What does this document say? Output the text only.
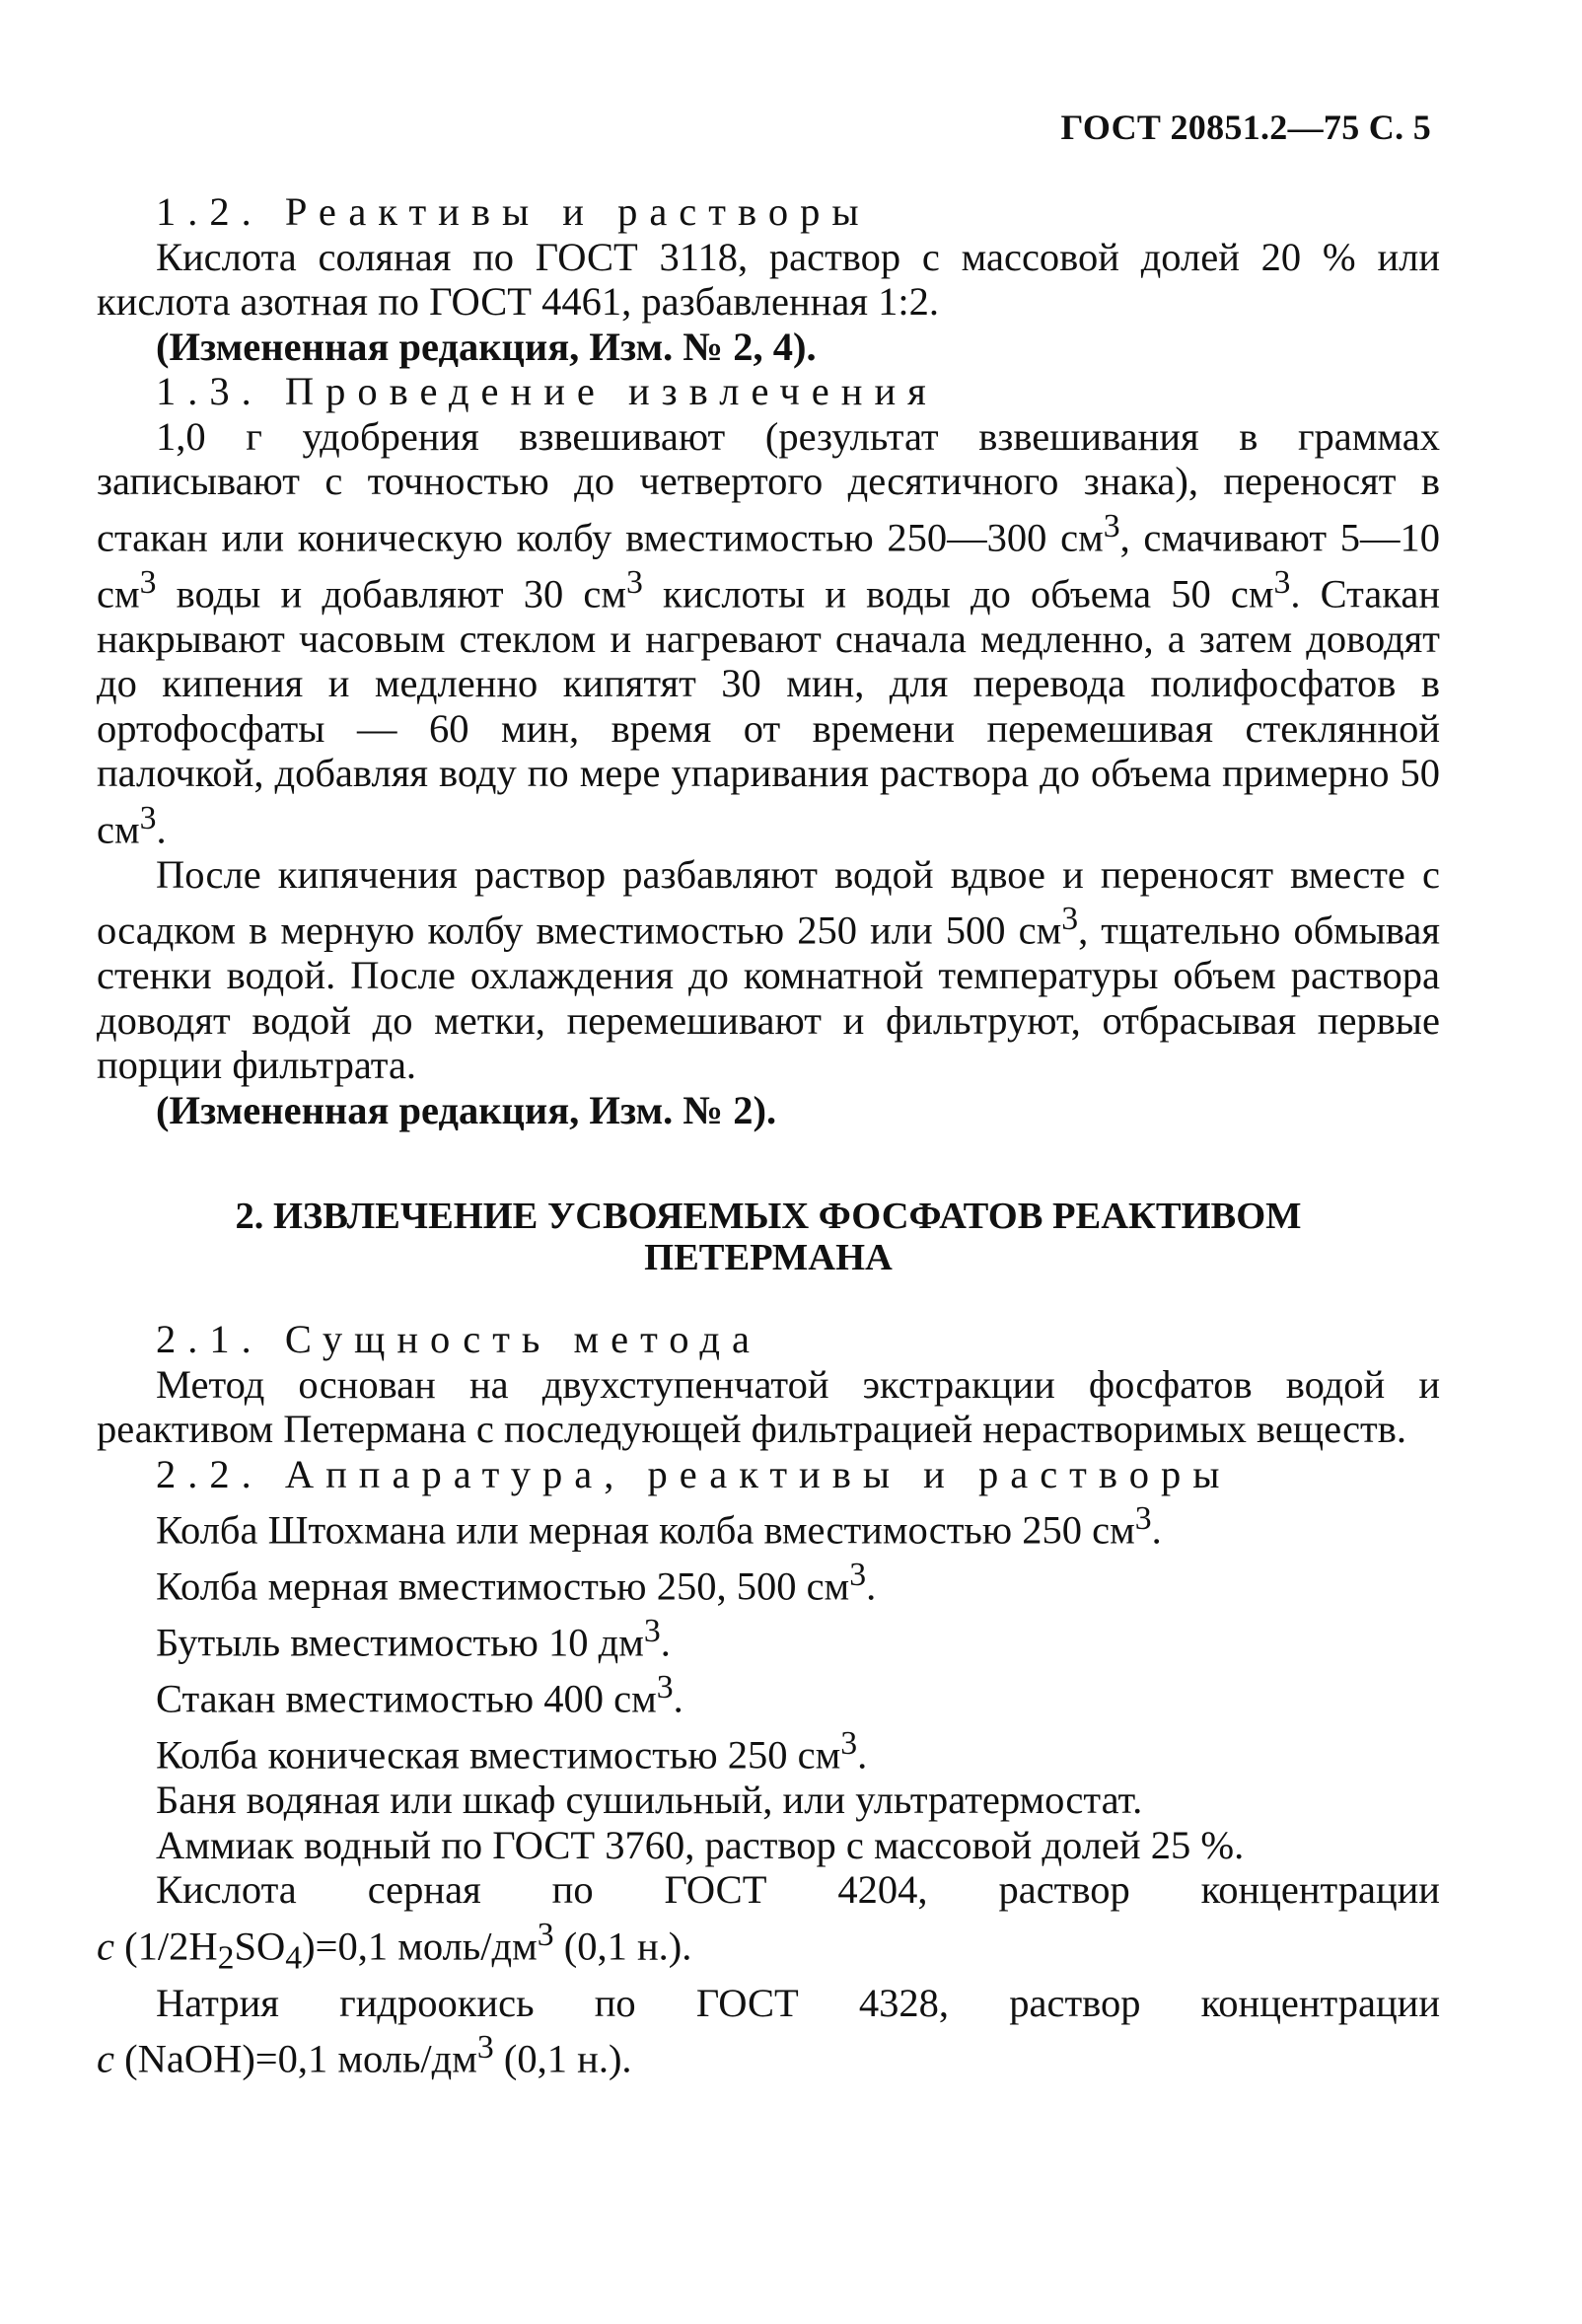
ГОСТ 20851.2—75 С. 5

1.2. Реактивы и растворы

Кислота соляная по ГОСТ 3118, раствор с массовой долей 20 % или кислота азотная по ГОСТ 4461, разбавленная 1:2.

(Измененная редакция, Изм. № 2, 4).

1.3. Проведение извлечения

1,0 г удобрения взвешивают (результат взвешивания в граммах записывают с точностью до четвертого десятичного знака), переносят в стакан или коническую колбу вместимостью 250—300 $см^3$, смачивают 5—10 $см^3$ воды и добавляют 30 $см^3$ кислоты и воды до объема 50 $см^3$. Стакан накрывают часовым стеклом и нагревают сначала медленно, а затем доводят до кипения и медленно кипятят 30 мин, для перевода полифосфатов в ортофосфаты — 60 мин, время от времени перемешивая стеклянной палочкой, добавляя воду по мере упаривания раствора до объема примерно 50 $см^3$.

После кипячения раствор разбавляют водой вдвое и переносят вместе с осадком в мерную колбу вместимостью 250 или 500 $см^3$, тщательно обмывая стенки водой. После охлаждения до комнатной температуры объем раствора доводят водой до метки, перемешивают и фильтруют, отбрасывая первые порции фильтрата.

(Измененная редакция, Изм. № 2).

2. ИЗВЛЕЧЕНИЕ УСВОЯЕМЫХ ФОСФАТОВ РЕАКТИВОМ
ПЕТЕРМАНА

2.1. Сущность метода

Метод основан на двухступенчатой экстракции фосфатов водой и реактивом Петермана с последующей фильтрацией нерастворимых веществ.

2.2. Аппаратура, реактивы и растворы

Колба Штохмана или мерная колба вместимостью 250 $см^3$.

Колба мерная вместимостью 250, 500 $см^3$.

Бутыль вместимостью 10 $дм^3$.

Стакан вместимостью 400 $см^3$.

Колба коническая вместимостью 250 $см^3$.

Баня водяная или шкаф сушильный, или ультратермостат.

Аммиак водный по ГОСТ 3760, раствор с массовой долей 25 %.

Кислота серная по ГОСТ 4204, раствор концентрации

c $(1/2H_2SO_4)=0,1$ моль/$дм^3$ (0,1 н.).

Натрия гидроокись по ГОСТ 4328, раствор концентрации

c (NaOH)=0,1 моль/$дм^3$ (0,1 н.).
